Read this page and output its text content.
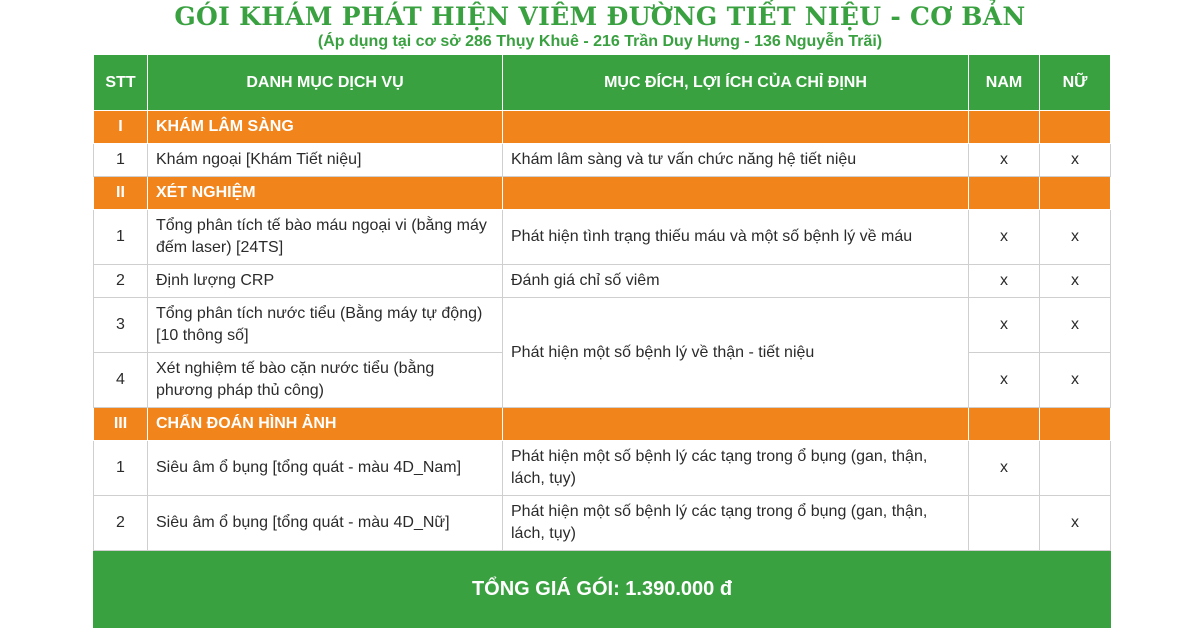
GÓI KHÁM PHÁT HIỆN VIÊM ĐƯỜNG TIẾT NIỆU - CƠ BẢN
(Áp dụng tại cơ sở 286 Thụy Khuê - 216 Trần Duy Hưng - 136 Nguyễn Trãi)
STT	DANH MỤC DỊCH VỤ	MỤC ĐÍCH, LỢI ÍCH CỦA CHỈ ĐỊNH	NAM	NỮ
I	KHÁM LÂM SÀNG			
1	Khám ngoại [Khám Tiết niệu]	Khám lâm sàng và tư vấn chức năng hệ tiết niệu	x	x
II	XÉT NGHIỆM			
1	Tổng phân tích tế bào máu ngoại vi (bằng máy đếm laser) [24TS]	Phát hiện tình trạng thiếu máu và một số bệnh lý về máu	x	x
2	Định lượng CRP	Đánh giá chỉ số viêm	x	x
3	Tổng phân tích nước tiểu (Bằng máy tự động) [10 thông số]	Phát hiện một số bệnh lý về thận - tiết niệu	x	x
4	Xét nghiệm tế bào cặn nước tiểu (bằng phương pháp thủ công)		x	x
III	CHẨN ĐOÁN HÌNH ẢNH			
1	Siêu âm ổ bụng [tổng quát - màu 4D_Nam]	Phát hiện một số bệnh lý các tạng trong ổ bụng (gan, thận, lách, tụy)	x	
2	Siêu âm ổ bụng [tổng quát - màu 4D_Nữ]	Phát hiện một số bệnh lý các tạng trong ổ bụng (gan, thận, lách, tụy)		x
TỔNG GIÁ GÓI: 1.390.000 đ				
